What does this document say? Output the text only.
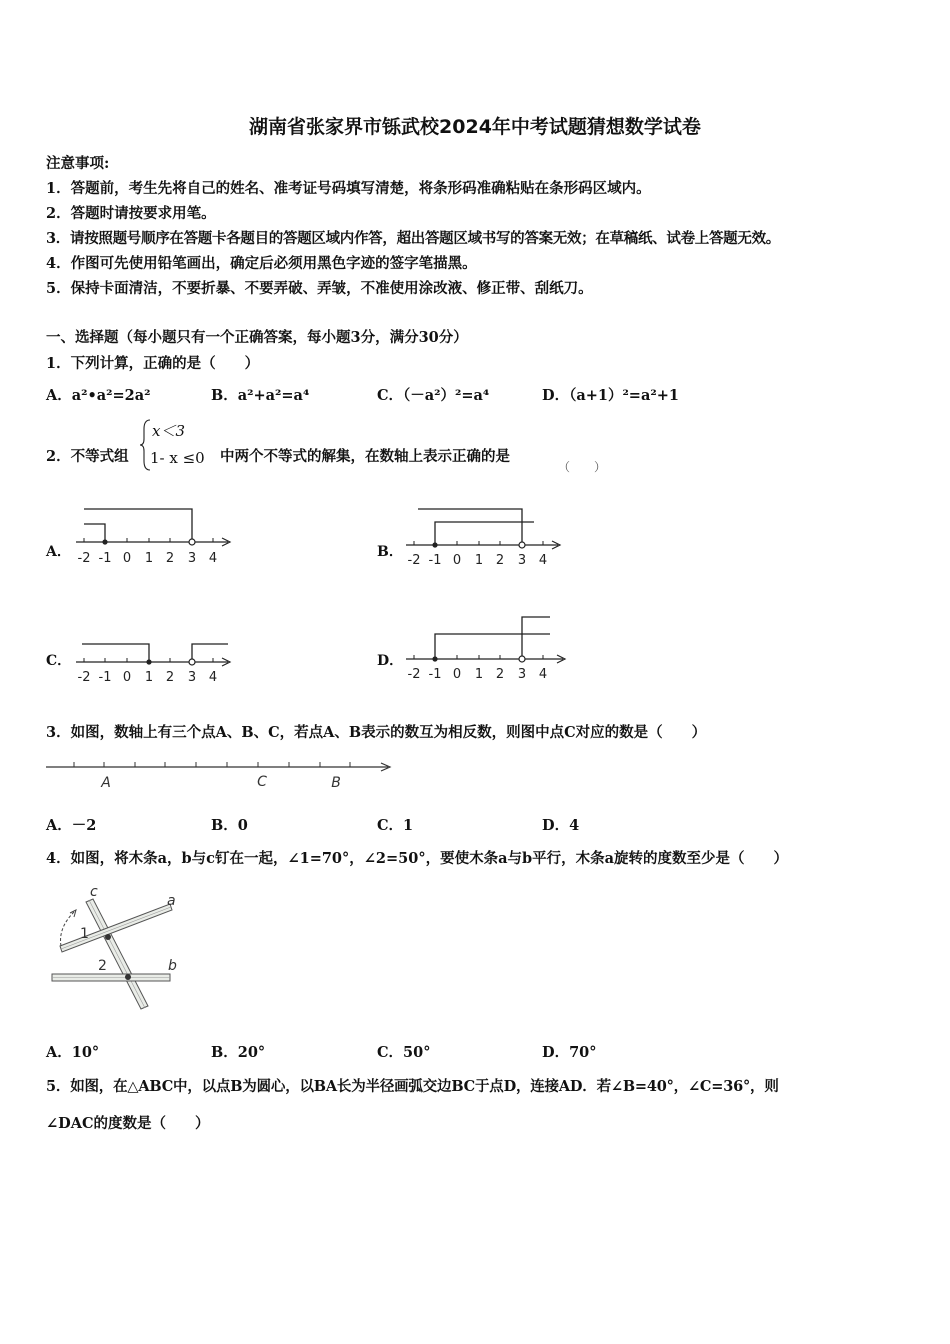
湖南省张家界市铄武校2024年中考试题猜想数学试卷
注意事项:
1．答题前，考生先将自己的姓名、准考证号码填写清楚，将条形码准确粘贴在条形码区域内。
2．答题时请按要求用笔。
3．请按照题号顺序在答题卡各题目的答题区域内作答，超出答题区域书写的答案无效；在草稿纸、试卷上答题无效。
4．作图可先使用铅笔画出，确定后必须用黑色字迹的签字笔描黑。
5．保持卡面清洁，不要折暴、不要弄破、弄皱，不准使用涂改液、修正带、刮纸刀。
一、选择题（每小题只有一个正确答案，每小题3分，满分30分）
1．下列计算，正确的是（　　）
A．a²•a²=2a²	B．a²+a²=a⁴	C．（－a²）²=a⁴	D．（a+1）²=a²+1
2．不等式组
x＜3
1- x ≤0 中两个不等式的解集，在数轴上表示正确的是
（　　）
A．	B．
C．	D．
-2 -1 0 1 2 3 4	-2 -1 0 1 2 3 4
-2 -1 0 1 2 3 4	-2 -1 0 1 2 3 4
3．如图，数轴上有三个点A、B、C，若点A、B表示的数互为相反数，则图中点C对应的数是（　　）
A	C	B
A．－2	B．0	C．1	D．4
4．如图，将木条a，b与c钉在一起，∠1=70°，∠2=50°，要使木条a与b平行，木条a旋转的度数至少是（　　）
c
a
1
2	b
A．10°	B．20°	C．50°	D．70°
5．如图，在△ABC中，以点B为圆心，以BA长为半径画弧交边BC于点D，连接AD．若∠B=40°，∠C=36°，则
∠DAC的度数是（　　）
